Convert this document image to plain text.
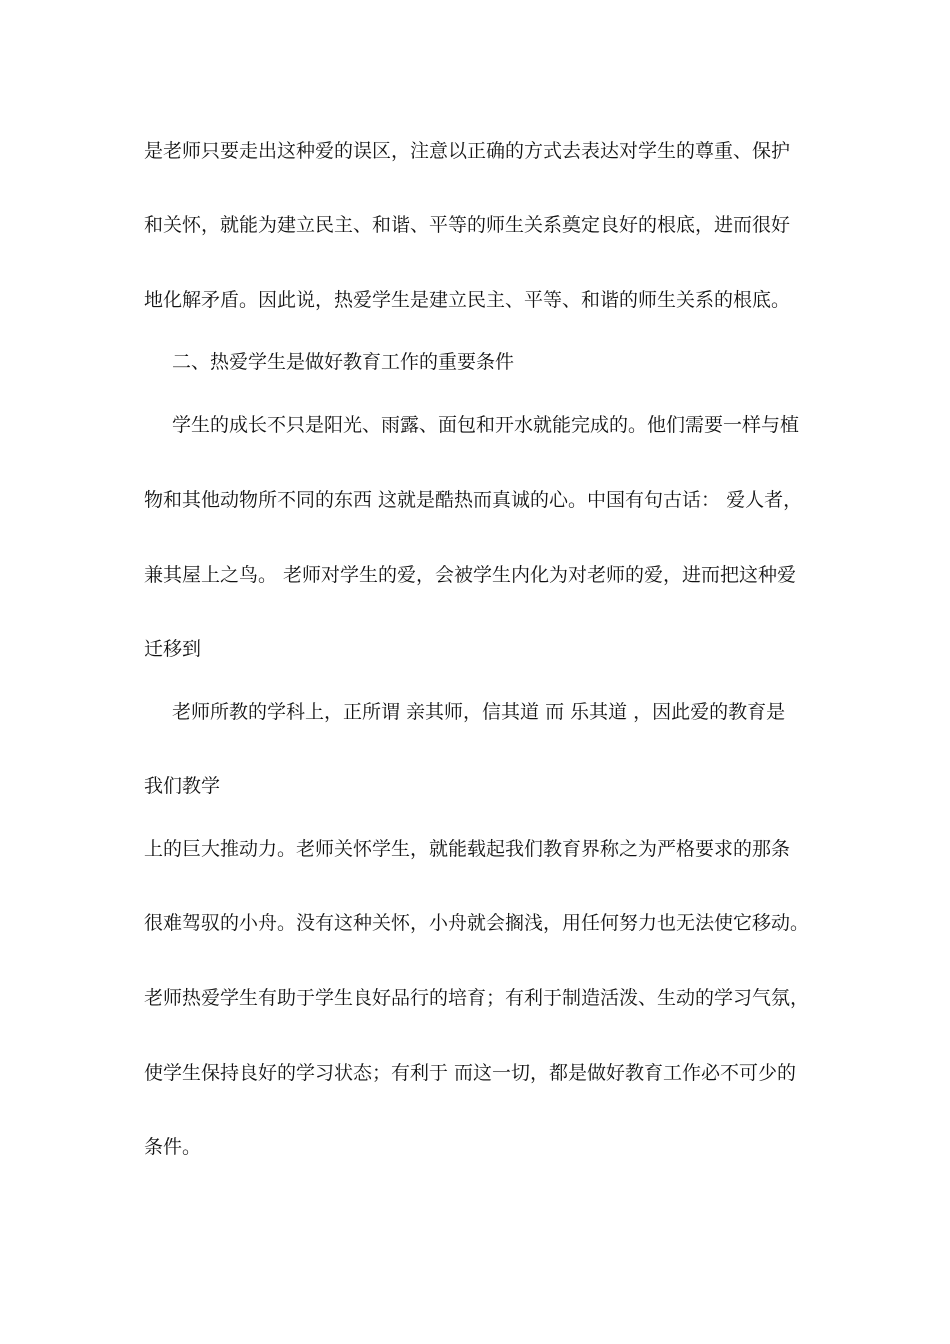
是老师只要走出这种爱的误区，注意以正确的方式去表达对学生的尊重、保护
和关怀，就能为建立民主、和谐、平等的师生关系奠定良好的根底，进而很好
地化解矛盾。因此说，热爱学生是建立民主、平等、和谐的师生关系的根底。
二、热爱学生是做好教育工作的重要条件
学生的成长不只是阳光、雨露、面包和开水就能完成的。他们需要一样与植
物和其他动物所不同的东西 这就是酷热而真诚的心。中国有句古话： 爱人者，
兼其屋上之鸟。 老师对学生的爱，会被学生内化为对老师的爱，进而把这种爱
迁移到
老师所教的学科上，正所谓 亲其师，信其道 而 乐其道 ，因此爱的教育是
我们教学
上的巨大推动力。老师关怀学生，就能载起我们教育界称之为严格要求的那条
很难驾驭的小舟。没有这种关怀，小舟就会搁浅，用任何努力也无法使它移动。
老师热爱学生有助于学生良好品行的培育；有利于制造活泼、生动的学习气氛，
使学生保持良好的学习状态；有利于 而这一切，都是做好教育工作必不可少的
条件。
